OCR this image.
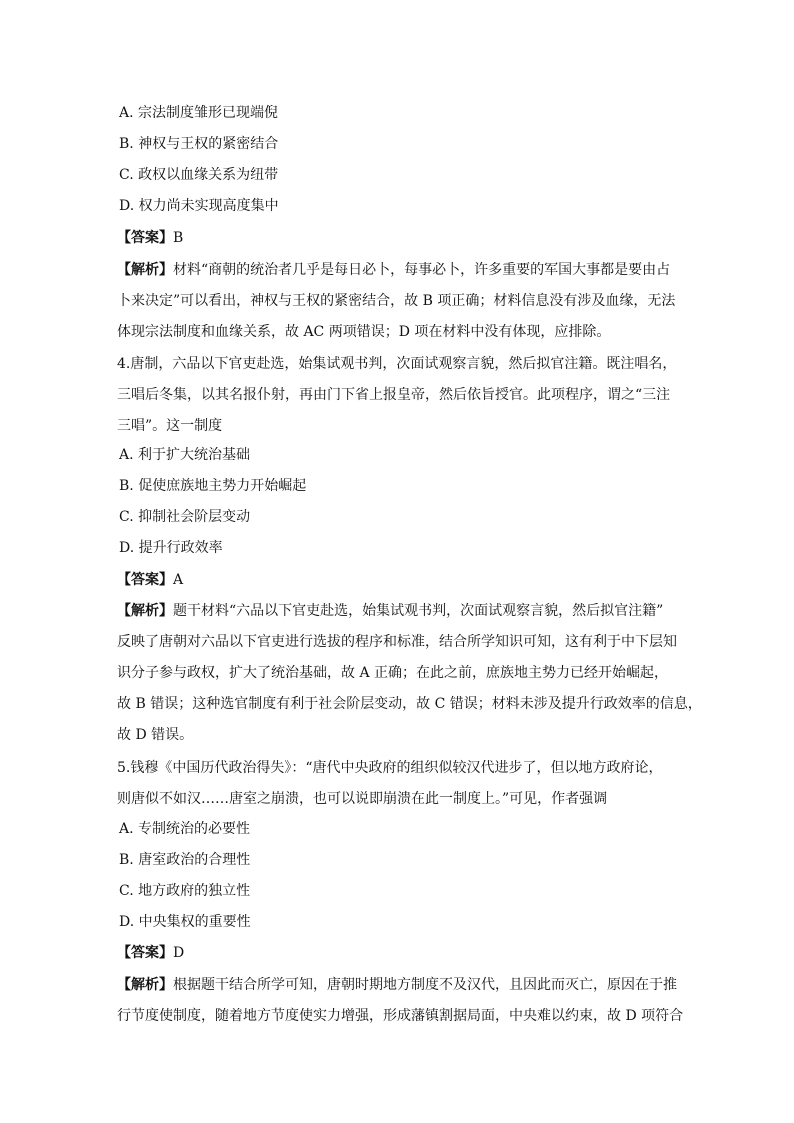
A. 宗法制度雏形已现端倪
B. 神权与王权的紧密结合
C. 政权以血缘关系为纽带
D. 权力尚未实现高度集中
【答案】B
【解析】材料“商朝的统治者几乎是每日必卜，每事必卜，许多重要的军国大事都是要由占
卜来决定”可以看出，神权与王权的紧密结合，故 B 项正确；材料信息没有涉及血缘，无法
体现宗法制度和血缘关系，故 AC 两项错误；D 项在材料中没有体现，应排除。
4.唐制，六品以下官吏赴选，始集试观书判，次面试观察言貌，然后拟官注籍。既注唱名，
三唱后冬集，以其名报仆射，再由门下省上报皇帝，然后依旨授官。此项程序，谓之“三注
三唱”。这一制度
A. 利于扩大统治基础
B. 促使庶族地主势力开始崛起
C. 抑制社会阶层变动
D. 提升行政效率
【答案】A
【解析】题干材料“六品以下官吏赴选，始集试观书判，次面试观察言貌，然后拟官注籍”
反映了唐朝对六品以下官吏进行选拔的程序和标准，结合所学知识可知，这有利于中下层知
识分子参与政权，扩大了统治基础，故 A 正确；在此之前，庶族地主势力已经开始崛起，
故 B 错误；这种选官制度有利于社会阶层变动，故 C 错误；材料未涉及提升行政效率的信息，
故 D 错误。
5.钱穆《中国历代政治得失》：“唐代中央政府的组织似较汉代进步了，但以地方政府论，
则唐似不如汉……唐室之崩溃，也可以说即崩溃在此一制度上。”可见，作者强调
A. 专制统治的必要性
B. 唐室政治的合理性
C. 地方政府的独立性
D. 中央集权的重要性
【答案】D
【解析】根据题干结合所学可知，唐朝时期地方制度不及汉代，且因此而灭亡，原因在于推
行节度使制度，随着地方节度使实力增强，形成藩镇割据局面，中央难以约束，故 D 项符合
